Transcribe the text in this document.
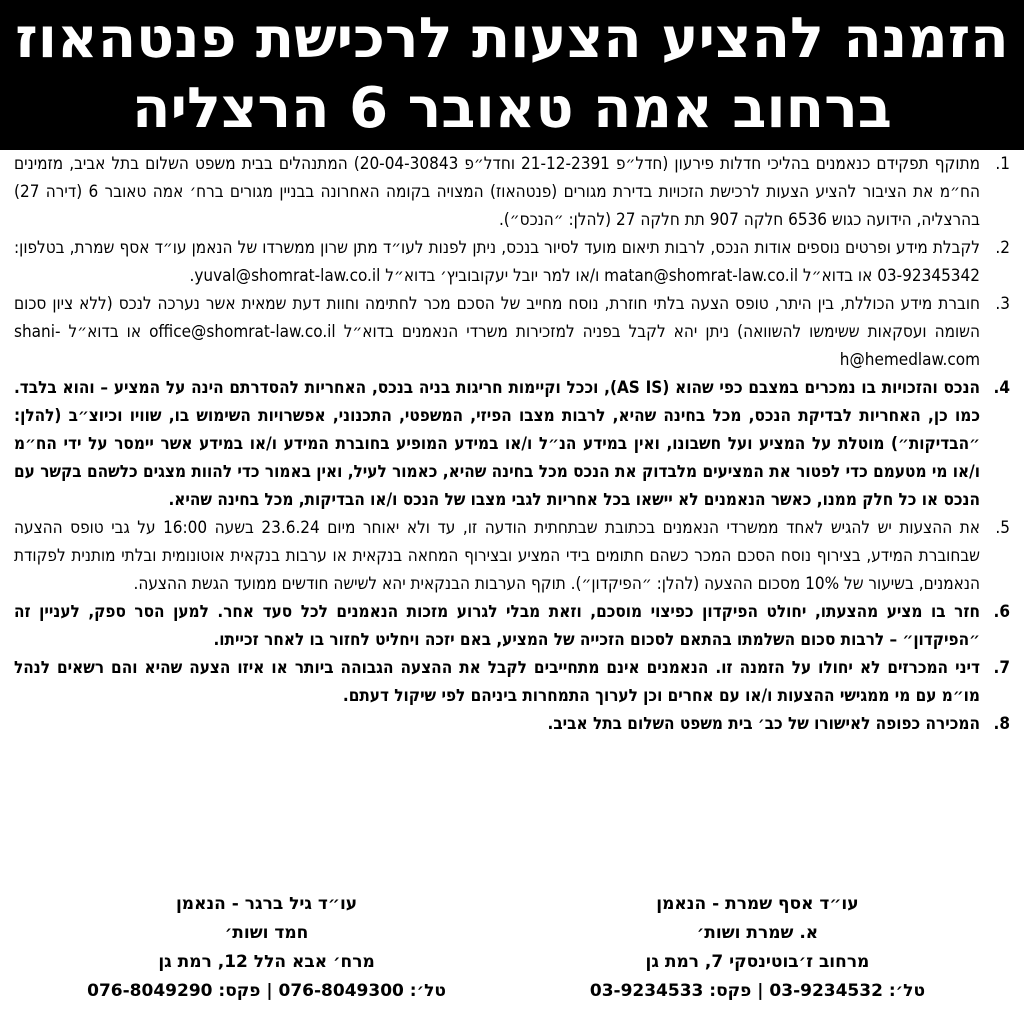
הזמנה להציע הצעות לרכישת פנטהאוז
ברחוב אמה טאובר 6 הרצליה

1.
מתוקף תפקידם כנאמנים בהליכי חדלות פירעון (חדל״פ 21-12-2391 וחדל״פ 20-04-30843) המתנהלים בבית משפט השלום בתל אביב, מזמינים הח״מ את הציבור להציע הצעות לרכישת הזכויות בדירת מגורים (פנטהאוז) המצויה בקומה האחרונה בבניין מגורים ברח׳ אמה טאובר 6 (דירה 27) בהרצליה, הידועה כגוש 6536 חלקה 907 תת חלקה 27 (להלן: ״הנכס״).

2.
לקבלת מידע ופרטים נוספים אודות הנכס, לרבות תיאום מועד לסיור בנכס, ניתן לפנות לעו״ד מתן שרון ממשרדו של הנאמן עו״ד אסף שמרת, בטלפון: 03-92345342 או בדוא״ל matan@shomrat-law.co.il ו/או למר יובל יעקובוביץ׳ בדוא״ל yuval@shomrat-law.co.il.

3.
חוברת מידע הכוללת, בין היתר, טופס הצעה בלתי חוזרת, נוסח מחייב של הסכם מכר לחתימה וחוות דעת שמאית אשר נערכה לנכס (ללא ציון סכום השומה ועסקאות ששימשו להשוואה) ניתן יהא לקבל בפניה למזכירות משרדי הנאמנים בדוא״ל office@shomrat-law.co.il או בדוא״ל shani-h@hemedlaw.com

4.
הנכס והזכויות בו נמכרים במצבם כפי שהוא (AS IS), וככל וקיימות חריגות בניה בנכס, האחריות להסדרתם הינה על המציע – והוא בלבד. כמו כן, האחריות לבדיקת הנכס, מכל בחינה שהיא, לרבות מצבו הפיזי, המשפטי, התכנוני, אפשרויות השימוש בו, שוויו וכיוצ״ב (להלן: ״הבדיקות״) מוטלת על המציע ועל חשבונו, ואין במידע הנ״ל ו/או במידע המופיע בחוברת המידע ו/או במידע אשר יימסר על ידי הח״מ ו/או מי מטעמם כדי לפטור את המציעים מלבדוק את הנכס מכל בחינה שהיא, כאמור לעיל, ואין באמור כדי להוות מצגים כלשהם בקשר עם הנכס או כל חלק ממנו, כאשר הנאמנים לא יישאו בכל אחריות לגבי מצבו של הנכס ו/או הבדיקות, מכל בחינה שהיא.

5.
את ההצעות יש להגיש לאחד ממשרדי הנאמנים בכתובת שבתחתית הודעה זו, עד ולא יאוחר מיום 23.6.24 בשעה 16:00 על גבי טופס ההצעה שבחוברת המידע, בצירוף נוסח הסכם המכר כשהם חתומים בידי המציע ובצירוף המחאה בנקאית או ערבות בנקאית אוטונומית ובלתי מותנית לפקודת הנאמנים, בשיעור של 10% מסכום ההצעה (להלן: ״הפיקדון״). תוקף הערבות הבנקאית יהא לשישה חודשים ממועד הגשת ההצעה.

6.
חזר בו מציע מהצעתו, יחולט הפיקדון כפיצוי מוסכם, וזאת מבלי לגרוע מזכות הנאמנים לכל סעד אחר. למען הסר ספק, לעניין זה ״הפיקדון״ – לרבות סכום השלמתו בהתאם לסכום הזכייה של המציע, באם יזכה ויחליט לחזור בו לאחר זכייתו.

7.
דיני המכרזים לא יחולו על הזמנה זו. הנאמנים אינם מתחייבים לקבל את ההצעה הגבוהה ביותר או איזו הצעה שהיא והם רשאים לנהל מו״מ עם מי ממגישי ההצעות ו/או עם אחרים וכן לערוך התמחרות ביניהם לפי שיקול דעתם.

8.
המכירה כפופה לאישורו של כב׳ בית משפט השלום בתל אביב.

עו״ד אסף שמרת - הנאמן
א. שמרת ושות׳
מרחוב ז׳בוטינסקי 7, רמת גן
טל׳: 03-9234532 | פקס: 03-9234533
עו״ד גיל ברגר - הנאמן
חמד ושות׳
מרח׳ אבא הלל 12, רמת גן
טל׳: 076-8049300 | פקס: 076-8049290
